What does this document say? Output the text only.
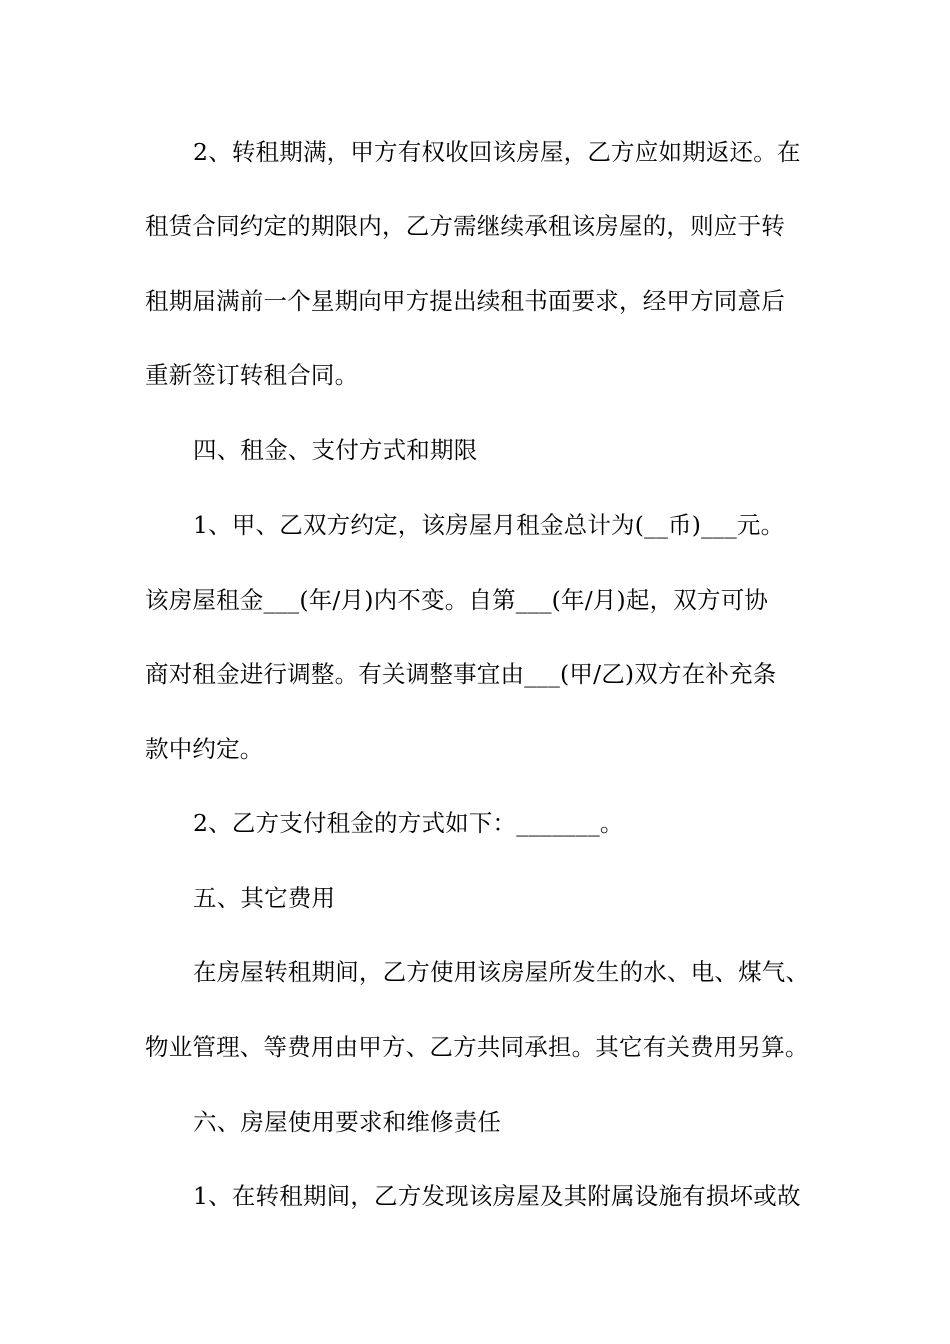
2、转租期满，甲方有权收回该房屋，乙方应如期返还。在
租赁合同约定的期限内，乙方需继续承租该房屋的，则应于转
租期届满前一个星期向甲方提出续租书面要求，经甲方同意后
重新签订转租合同。
四、租金、支付方式和期限
1、甲、乙双方约定，该房屋月租金总计为(__币)___元。
该房屋租金___(年/月)内不变。自第___(年/月)起，双方可协
商对租金进行调整。有关调整事宜由___(甲/乙)双方在补充条
款中约定。
2、乙方支付租金的方式如下：_______。
五、其它费用
在房屋转租期间，乙方使用该房屋所发生的水、电、煤气、
物业管理、等费用由甲方、乙方共同承担。其它有关费用另算。
六、房屋使用要求和维修责任
1、在转租期间，乙方发现该房屋及其附属设施有损坏或故
